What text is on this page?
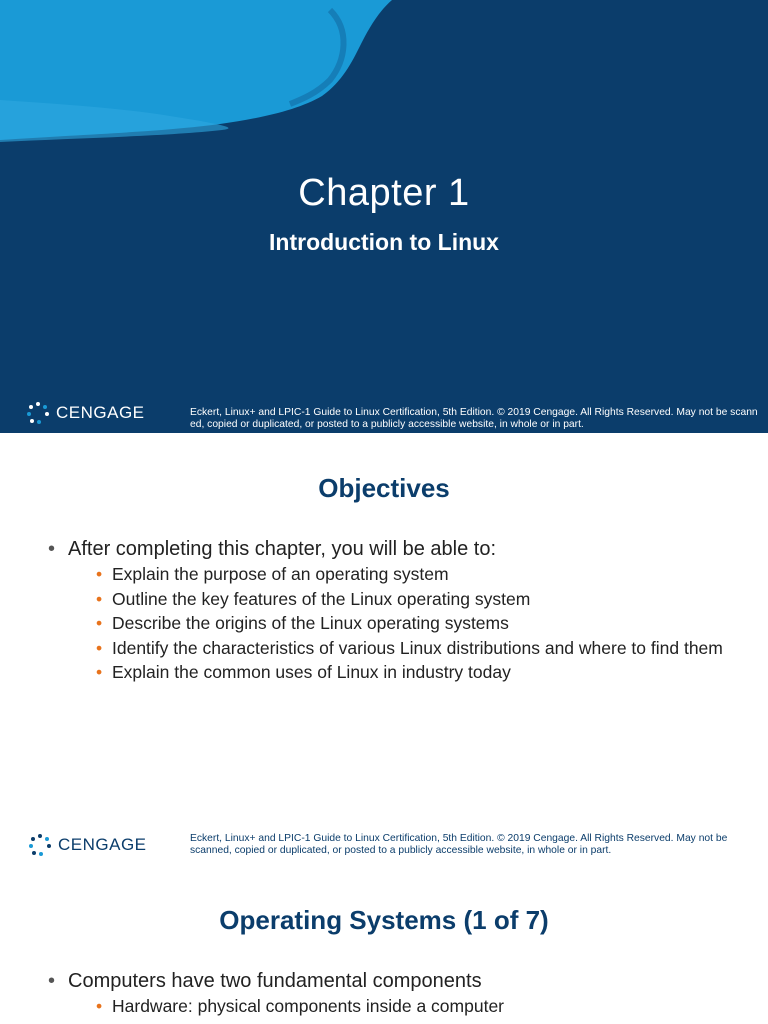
Chapter 1
Introduction to Linux
CENGAGE	Eckert, Linux+ and LPIC-1 Guide to Linux Certification, 5th Edition. © 2019 Cengage. All Rights Reserved. May not be scanned, copied or duplicated, or posted to a publicly accessible website, in whole or in part.
Objectives
• After completing this chapter, you will be able to:
• Explain the purpose of an operating system
• Outline the key features of the Linux operating system
• Describe the origins of the Linux operating systems
• Identify the characteristics of various Linux distributions and where to find them
• Explain the common uses of Linux in industry today
CENGAGE	Eckert, Linux+ and LPIC-1 Guide to Linux Certification, 5th Edition. © 2019 Cengage. All Rights Reserved. May not be scanned, copied or duplicated, or posted to a publicly accessible website, in whole or in part.
Operating Systems (1 of 7)
• Computers have two fundamental components
• Hardware: physical components inside a computer
